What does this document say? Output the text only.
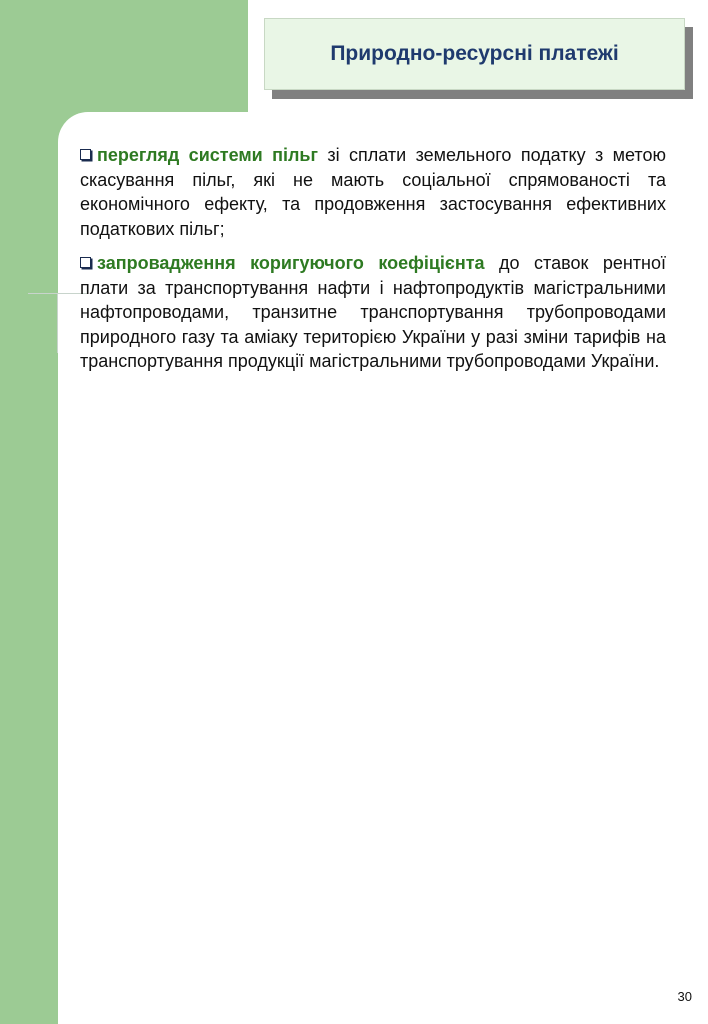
Природно-ресурсні платежі

перегляд системи пільг зі сплати земельного податку з метою скасування пільг, які не мають соціальної спрямованості та економічного ефекту, та продовження застосування ефективних податкових пільг;

запровадження коригуючого коефіцієнта до ставок рентної плати за транспортування нафти і нафтопродуктів магістральними нафтопроводами, транзитне транспортування трубопроводами природного газу та аміаку територією України у разі зміни тарифів на транспортування продукції магістральними трубопроводами України.

30
